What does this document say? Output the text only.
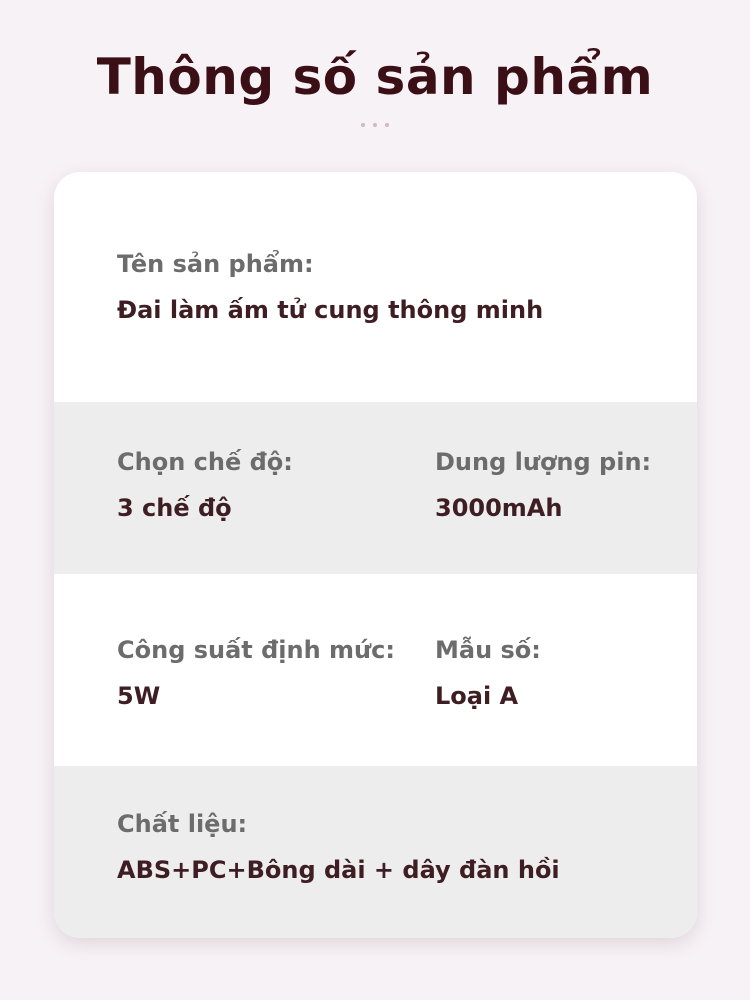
Thông số sản phẩm
Tên sản phẩm:
Đai làm ấm tử cung thông minh
Chọn chế độ:
3 chế độ
Dung lượng pin:
3000mAh
Công suất định mức:
5W
Mẫu số:
Loại A
Chất liệu:
ABS+PC+Bông dài + dây đàn hồi
